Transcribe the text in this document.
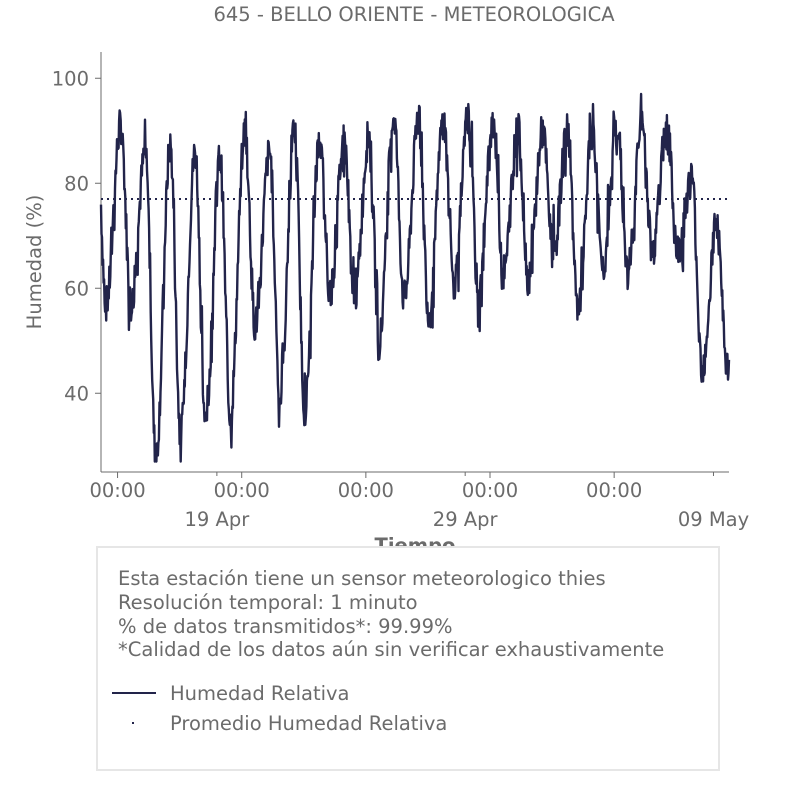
645 - BELLO ORIENTE - METEOROLOGICA
Humedad (%)
40
60
80
100
00:00	00:00	00:00	00:00	00:00
19 Apr	29 Apr	09 May
Esta estación tiene un sensor meteorologico thies
Resolución temporal: 1 minuto
% de datos transmitidos*: 99.99%
*Calidad de los datos aún sin verificar exhaustivamente
Humedad Relativa
Promedio Humedad Relativa
